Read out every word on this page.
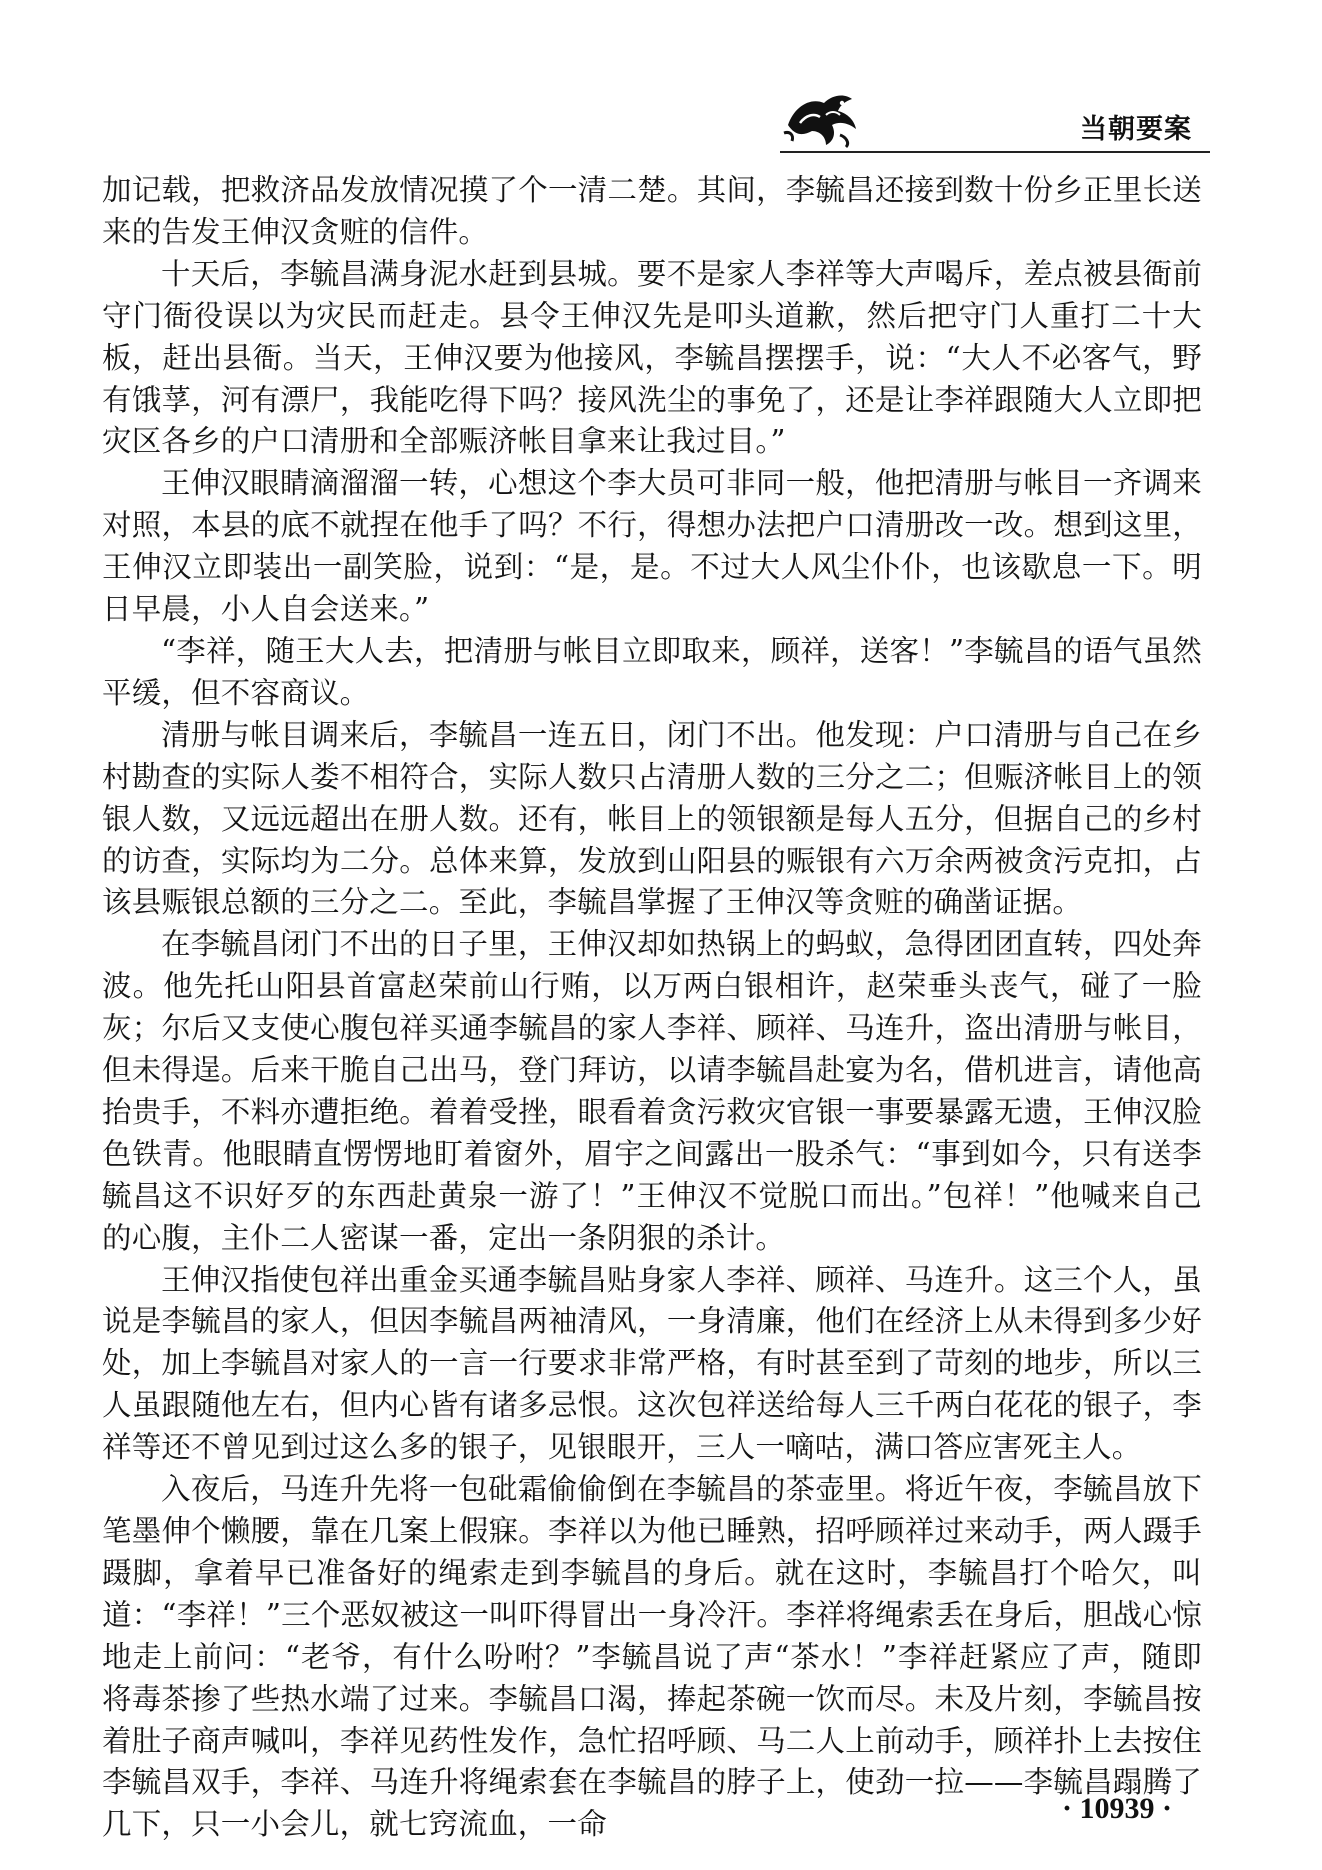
当朝要案

加记载，把救济品发放情况摸了个一清二楚。其间，李毓昌还接到数十份乡正里长送来的告发王伸汉贪赃的信件。

十天后，李毓昌满身泥水赶到县城。要不是家人李祥等大声喝斥，差点被县衙前守门衙役误以为灾民而赶走。县令王伸汉先是叩头道歉，然后把守门人重打二十大板，赶出县衙。当天，王伸汉要为他接风，李毓昌摆摆手，说：“大人不必客气，野有饿莩，河有漂尸，我能吃得下吗？接风洗尘的事免了，还是让李祥跟随大人立即把灾区各乡的户口清册和全部赈济帐目拿来让我过目。”

王伸汉眼睛滴溜溜一转，心想这个李大员可非同一般，他把清册与帐目一齐调来对照，本县的底不就捏在他手了吗？不行，得想办法把户口清册改一改。想到这里，王伸汉立即装出一副笑脸，说到：“是，是。不过大人风尘仆仆，也该歇息一下。明日早晨，小人自会送来。”

“李祥，随王大人去，把清册与帐目立即取来，顾祥，送客！”李毓昌的语气虽然平缓，但不容商议。

清册与帐目调来后，李毓昌一连五日，闭门不出。他发现：户口清册与自己在乡村勘查的实际人娄不相符合，实际人数只占清册人数的三分之二；但赈济帐目上的领银人数，又远远超出在册人数。还有，帐目上的领银额是每人五分，但据自己的乡村的访查，实际均为二分。总体来算，发放到山阳县的赈银有六万余两被贪污克扣，占该县赈银总额的三分之二。至此，李毓昌掌握了王伸汉等贪赃的确凿证据。

在李毓昌闭门不出的日子里，王伸汉却如热锅上的蚂蚁，急得团团直转，四处奔波。他先托山阳县首富赵荣前山行贿，以万两白银相许，赵荣垂头丧气，碰了一脸灰；尔后又支使心腹包祥买通李毓昌的家人李祥、顾祥、马连升，盗出清册与帐目，但未得逞。后来干脆自己出马，登门拜访，以请李毓昌赴宴为名，借机进言，请他高抬贵手，不料亦遭拒绝。着着受挫，眼看着贪污救灾官银一事要暴露无遗，王伸汉脸色铁青。他眼睛直愣愣地盯着窗外，眉宇之间露出一股杀气：“事到如今，只有送李毓昌这不识好歹的东西赴黄泉一游了！”王伸汉不觉脱口而出。”包祥！”他喊来自己的心腹，主仆二人密谋一番，定出一条阴狠的杀计。

王伸汉指使包祥出重金买通李毓昌贴身家人李祥、顾祥、马连升。这三个人，虽说是李毓昌的家人，但因李毓昌两袖清风，一身清廉，他们在经济上从未得到多少好处，加上李毓昌对家人的一言一行要求非常严格，有时甚至到了苛刻的地步，所以三人虽跟随他左右，但内心皆有诸多忌恨。这次包祥送给每人三千两白花花的银子，李祥等还不曾见到过这么多的银子，见银眼开，三人一嘀咕，满口答应害死主人。

入夜后，马连升先将一包砒霜偷偷倒在李毓昌的茶壶里。将近午夜，李毓昌放下笔墨伸个懒腰，靠在几案上假寐。李祥以为他已睡熟，招呼顾祥过来动手，两人蹑手蹑脚，拿着早已准备好的绳索走到李毓昌的身后。就在这时，李毓昌打个哈欠，叫道：“李祥！”三个恶奴被这一叫吓得冒出一身冷汗。李祥将绳索丢在身后，胆战心惊地走上前问：“老爷，有什么吩咐？”李毓昌说了声“茶水！”李祥赶紧应了声，随即将毒茶掺了些热水端了过来。李毓昌口渴，捧起茶碗一饮而尽。未及片刻，李毓昌按着肚子商声喊叫，李祥见药性发作，急忙招呼顾、马二人上前动手，顾祥扑上去按住李毓昌双手，李祥、马连升将绳索套在李毓昌的脖子上，使劲一拉——李毓昌蹋腾了几下，只一小会儿，就七窍流血，一命	· 10939 ·
